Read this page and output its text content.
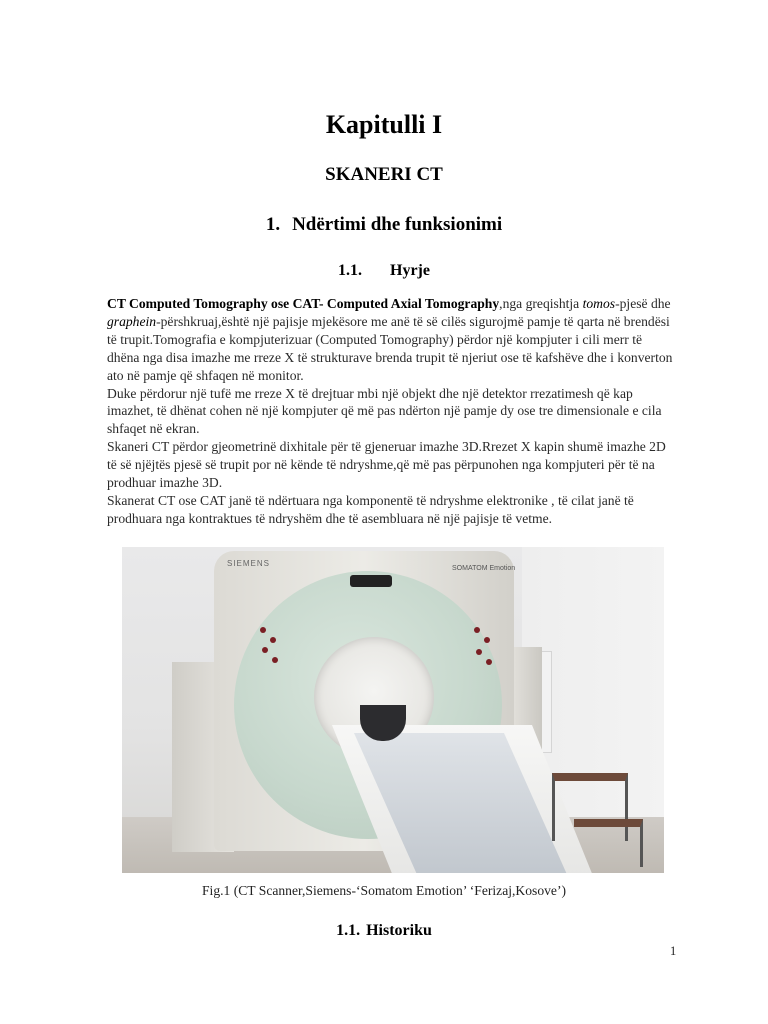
Kapitulli I
SKANERI CT
1. Ndërtimi dhe funksionimi
1.1. Hyrje

CT Computed Tomography ose CAT- Computed Axial Tomography,nga greqishtja tomos-pjesë dhe graphein-përshkruaj,është një pajisje mjekësore me anë të së cilës sigurojmë pamje të qarta në brendësi të trupit.Tomografia e kompjuterizuar (Computed Tomography) përdor një kompjuter i cili merr të dhëna nga disa imazhe me rreze X të strukturave brenda trupit të njeriut ose të kafshëve dhe i konverton ato në pamje që shfaqen në monitor.

Duke përdorur një tufë me rreze X të drejtuar mbi një objekt dhe një detektor rrezatimesh që kap imazhet, të dhënat cohen në një kompjuter që më pas ndërton një pamje dy ose tre dimensionale e cila shfaqet në ekran.

Skaneri CT përdor gjeometrinë dixhitale për të gjeneruar imazhe 3D.Rrezet X kapin shumë imazhe 2D të së njëjtës pjesë së trupit por në kënde të ndryshme,që më pas përpunohen nga kompjuteri për të na prodhuar imazhe 3D.

Skanerat CT ose CAT janë të ndërtuara nga komponentë të ndryshme elektronike , të cilat janë të prodhuara nga kontraktues të ndryshëm dhe të asembluara në një pajisje të vetme.

SIEMENS
SOMATOM Emotion
Fig.1 (CT Scanner,Siemens-‘Somatom Emotion’ ‘Ferizaj,Kosove’)
1.1. Historiku
1
